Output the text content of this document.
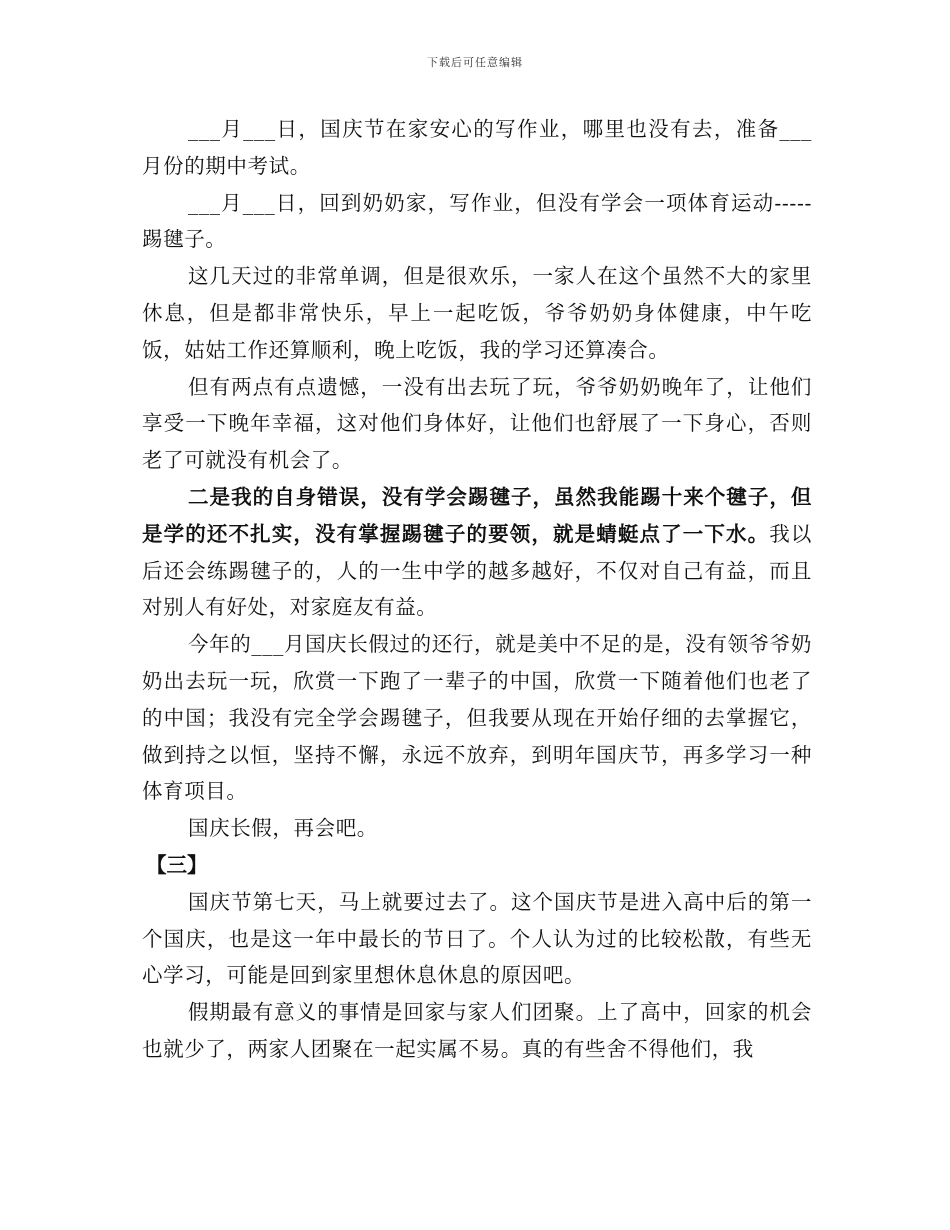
下载后可任意编辑

___月___日，国庆节在家安心的写作业，哪里也没有去，准备___月份的期中考试。

___月___日，回到奶奶家，写作业，但没有学会一项体育运动-----踢毽子。

这几天过的非常单调，但是很欢乐，一家人在这个虽然不大的家里休息，但是都非常快乐，早上一起吃饭，爷爷奶奶身体健康，中午吃饭，姑姑工作还算顺利，晚上吃饭，我的学习还算凑合。

但有两点有点遗憾，一没有出去玩了玩，爷爷奶奶晚年了，让他们享受一下晚年幸福，这对他们身体好，让他们也舒展了一下身心，否则老了可就没有机会了。

二是我的自身错误，没有学会踢毽子，虽然我能踢十来个毽子，但是学的还不扎实，没有掌握踢毽子的要领，就是蜻蜓点了一下水。我以后还会练踢毽子的，人的一生中学的越多越好，不仅对自己有益，而且对别人有好处，对家庭友有益。

今年的___月国庆长假过的还行，就是美中不足的是，没有领爷爷奶奶出去玩一玩，欣赏一下跑了一辈子的中国，欣赏一下随着他们也老了的中国；我没有完全学会踢毽子，但我要从现在开始仔细的去掌握它，做到持之以恒，坚持不懈，永远不放弃，到明年国庆节，再多学习一种体育项目。

国庆长假，再会吧。

【三】

国庆节第七天，马上就要过去了。这个国庆节是进入高中后的第一个国庆，也是这一年中最长的节日了。个人认为过的比较松散，有些无心学习，可能是回到家里想休息休息的原因吧。

假期最有意义的事情是回家与家人们团聚。上了高中，回家的机会也就少了，两家人团聚在一起实属不易。真的有些舍不得他们，我
